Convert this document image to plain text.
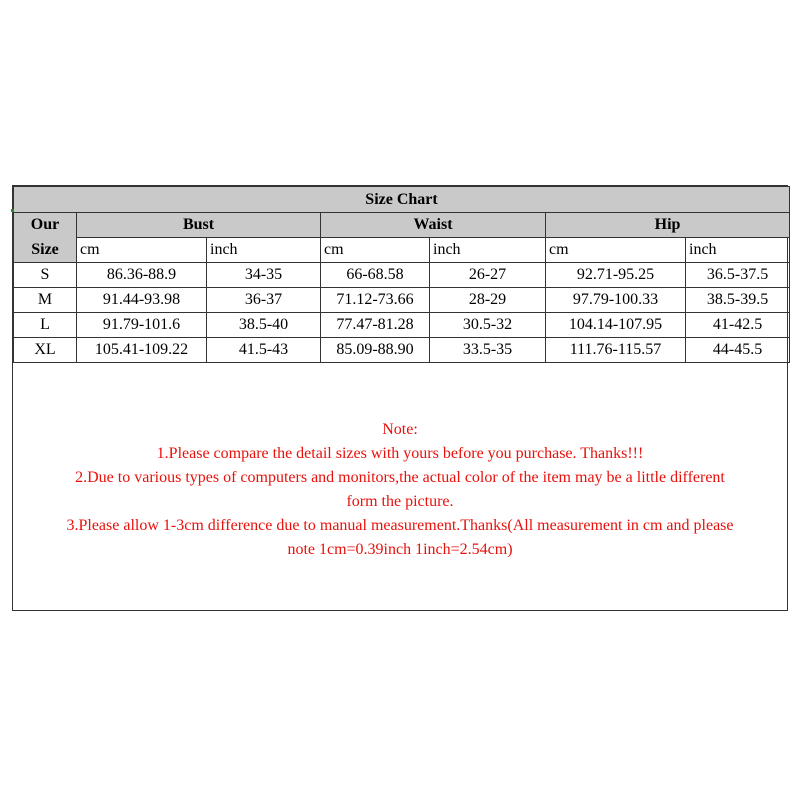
Size Chart						
Our	Bust		Waist		Hip	
Size	cm	inch	cm	inch	cm	inch
S	86.36-88.9	34-35	66-68.58	26-27	92.71-95.25	36.5-37.5
M	91.44-93.98	36-37	71.12-73.66	28-29	97.79-100.33	38.5-39.5
L	91.79-101.6	38.5-40	77.47-81.28	30.5-32	104.14-107.95	41-42.5
XL	105.41-109.22	41.5-43	85.09-88.90	33.5-35	111.76-115.57	44-45.5
Note:
1.Please compare the detail sizes with yours before you purchase. Thanks!!!
2.Due to various types of computers and monitors,the actual color of the item may be a little different
form the picture.
3.Please allow 1-3cm difference due to manual measurement.Thanks(All measurement in cm and please
note 1cm=0.39inch 1inch=2.54cm)
